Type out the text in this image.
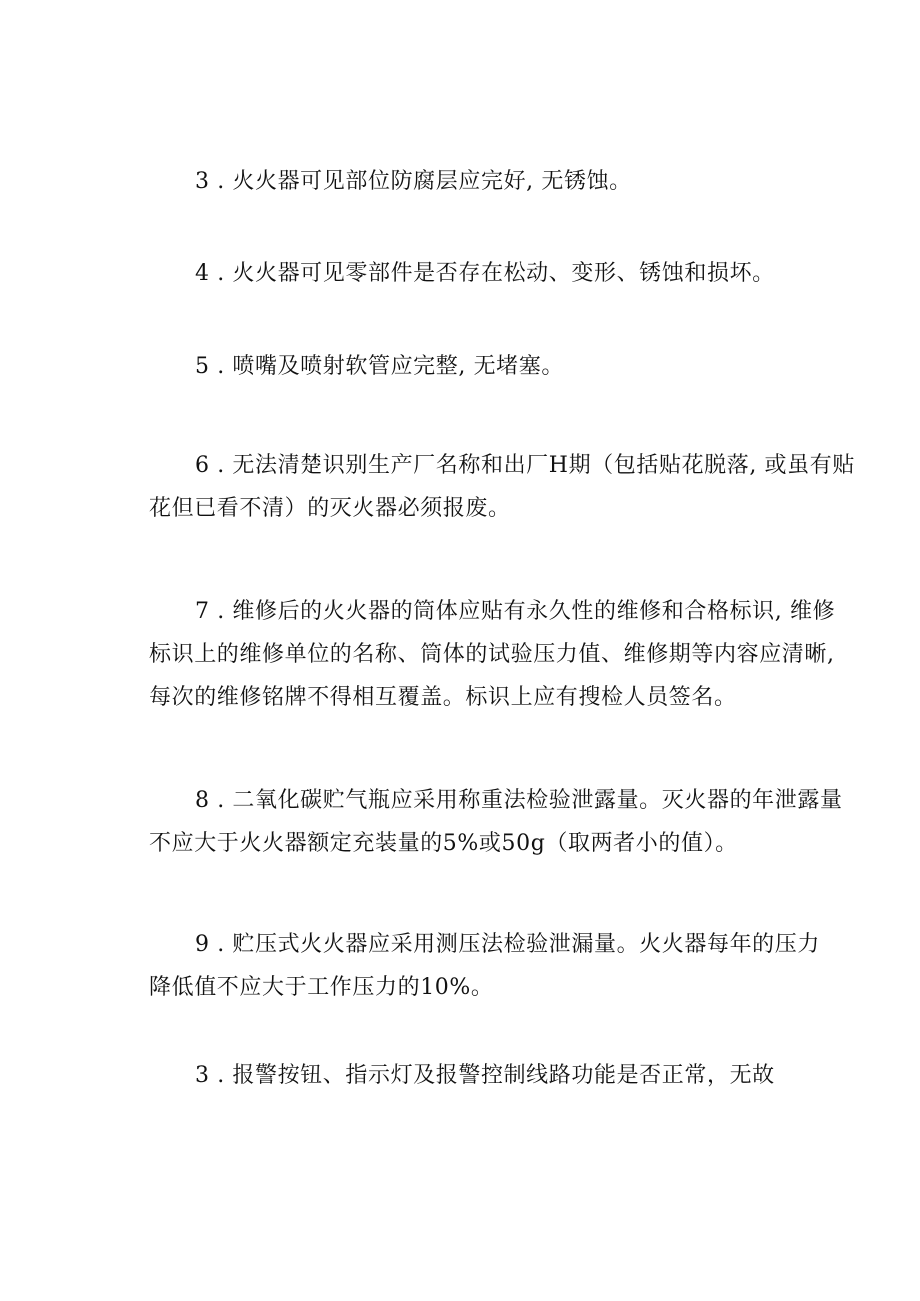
3 . 火火器可见部位防腐层应完好, 无锈蚀。

4 . 火火器可见零部件是否存在松动、变形、锈蚀和损坏。

5 . 喷嘴及喷射软管应完整, 无堵塞。

6 . 无法清楚识别生产厂名称和出厂H期（包括贴花脱落, 或虽有贴
花但已看不清）的灭火器必须报废。

7 . 维修后的火火器的筒体应贴有永久性的维修和合格标识, 维修
标识上的维修单位的名称、筒体的试验压力值、维修期等内容应清晰,
每次的维修铭牌不得相互覆盖。标识上应有搜检人员签名。

8 . 二氧化碳贮气瓶应采用称重法检验泄露量。灭火器的年泄露量
不应大于火火器额定充装量的5%或50g（取两者小的值）。

9 . 贮压式火火器应采用测压法检验泄漏量。火火器每年的压力
降低值不应大于工作压力的10%。

3 . 报警按钮、指示灯及报警控制线路功能是否正常，无故
